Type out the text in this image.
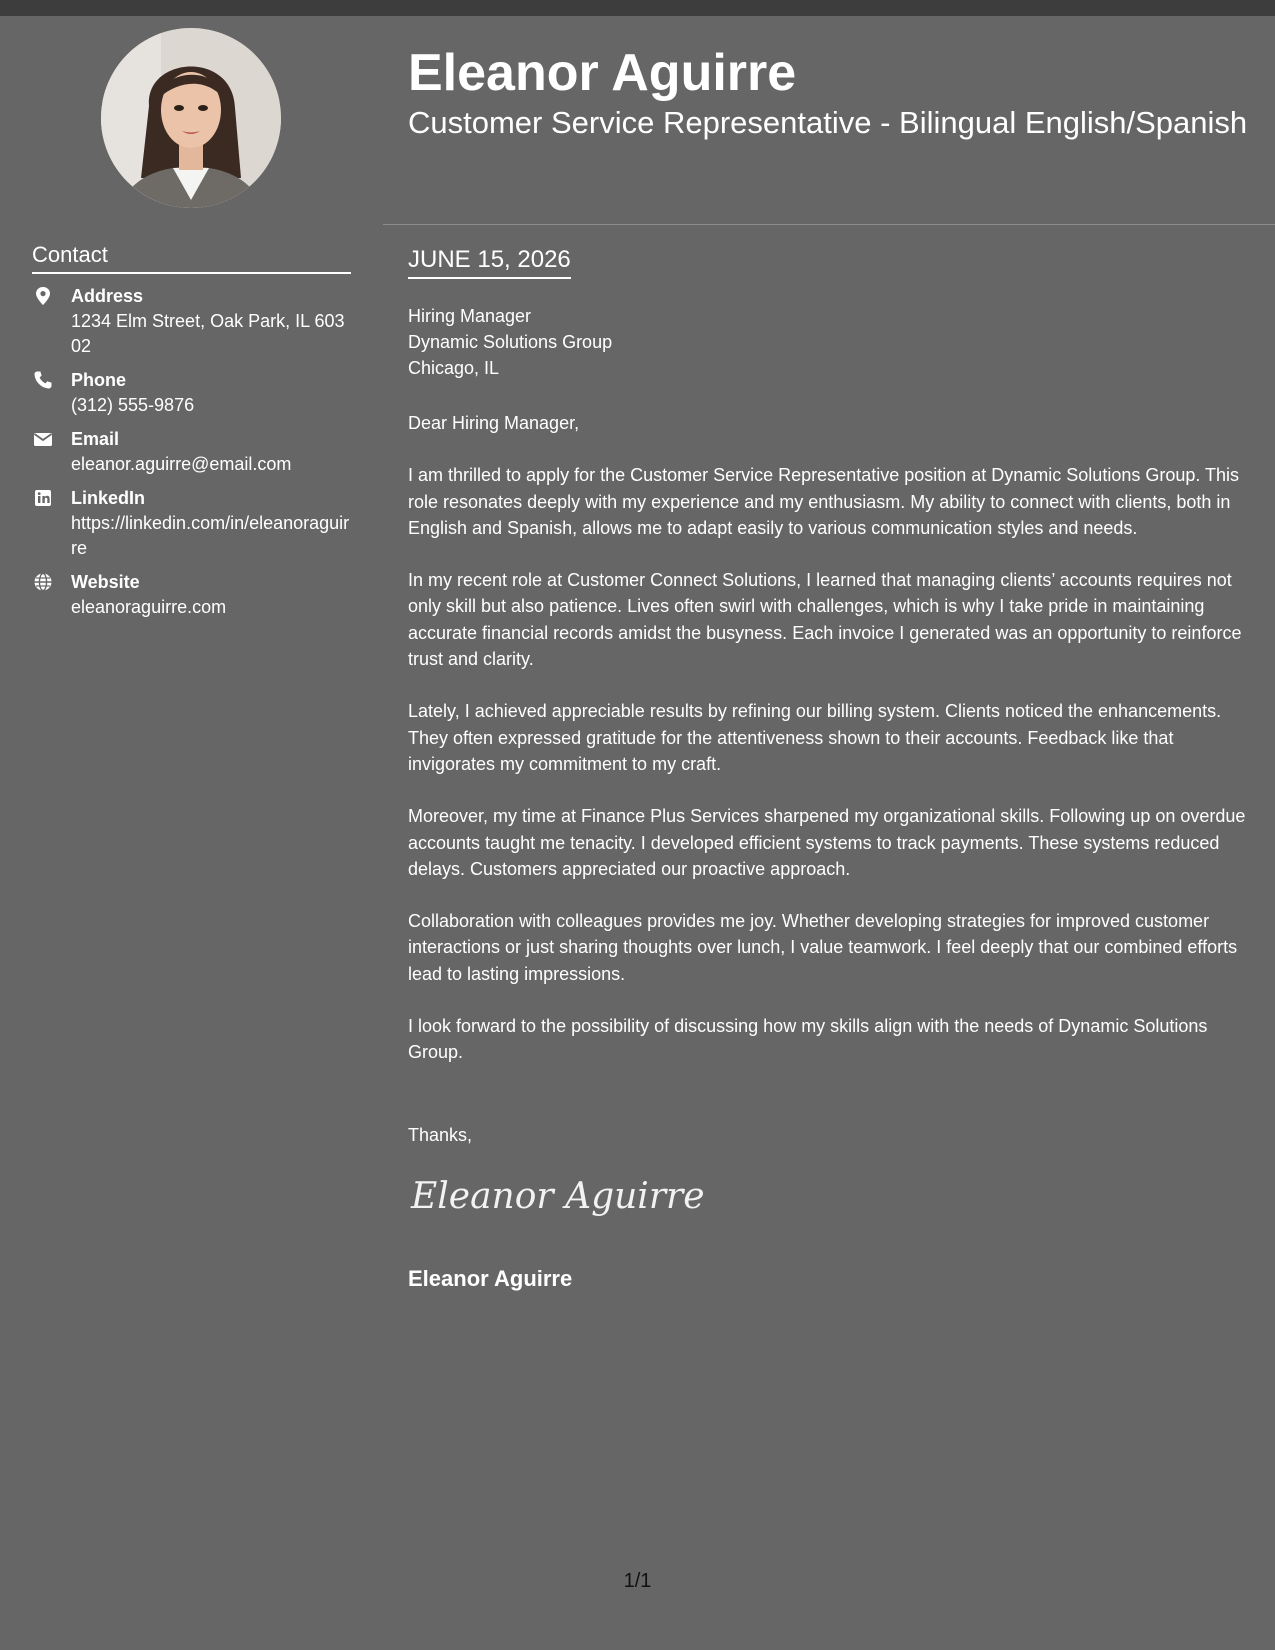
Contact
Address
1234 Elm Street, Oak Park, IL 60302
Phone
(312) 555-9876
Email
eleanor.aguirre@email.com
LinkedIn
https://linkedin.com/in/eleanoraguirre
Website
eleanoraguirre.com
Eleanor Aguirre
Customer Service Representative - Bilingual English/Spanish
JUNE 15, 2026
Hiring Manager
Dynamic Solutions Group
Chicago, IL

Dear Hiring Manager,

I am thrilled to apply for the Customer Service Representative position at Dynamic Solutions Group. This role resonates deeply with my experience and my enthusiasm. My ability to connect with clients, both in English and Spanish, allows me to adapt easily to various communication styles and needs.

In my recent role at Customer Connect Solutions, I learned that managing clients’ accounts requires not only skill but also patience. Lives often swirl with challenges, which is why I take pride in maintaining accurate financial records amidst the busyness. Each invoice I generated was an opportunity to reinforce trust and clarity.

Lately, I achieved appreciable results by refining our billing system. Clients noticed the enhancements. They often expressed gratitude for the attentiveness shown to their accounts. Feedback like that invigorates my commitment to my craft.

Moreover, my time at Finance Plus Services sharpened my organizational skills. Following up on overdue accounts taught me tenacity. I developed efficient systems to track payments. These systems reduced delays. Customers appreciated our proactive approach.

Collaboration with colleagues provides me joy. Whether developing strategies for improved customer interactions or just sharing thoughts over lunch, I value teamwork. I feel deeply that our combined efforts lead to lasting impressions.

I look forward to the possibility of discussing how my skills align with the needs of Dynamic Solutions Group.

Thanks,
Eleanor Aguirre
Eleanor Aguirre
1/1
